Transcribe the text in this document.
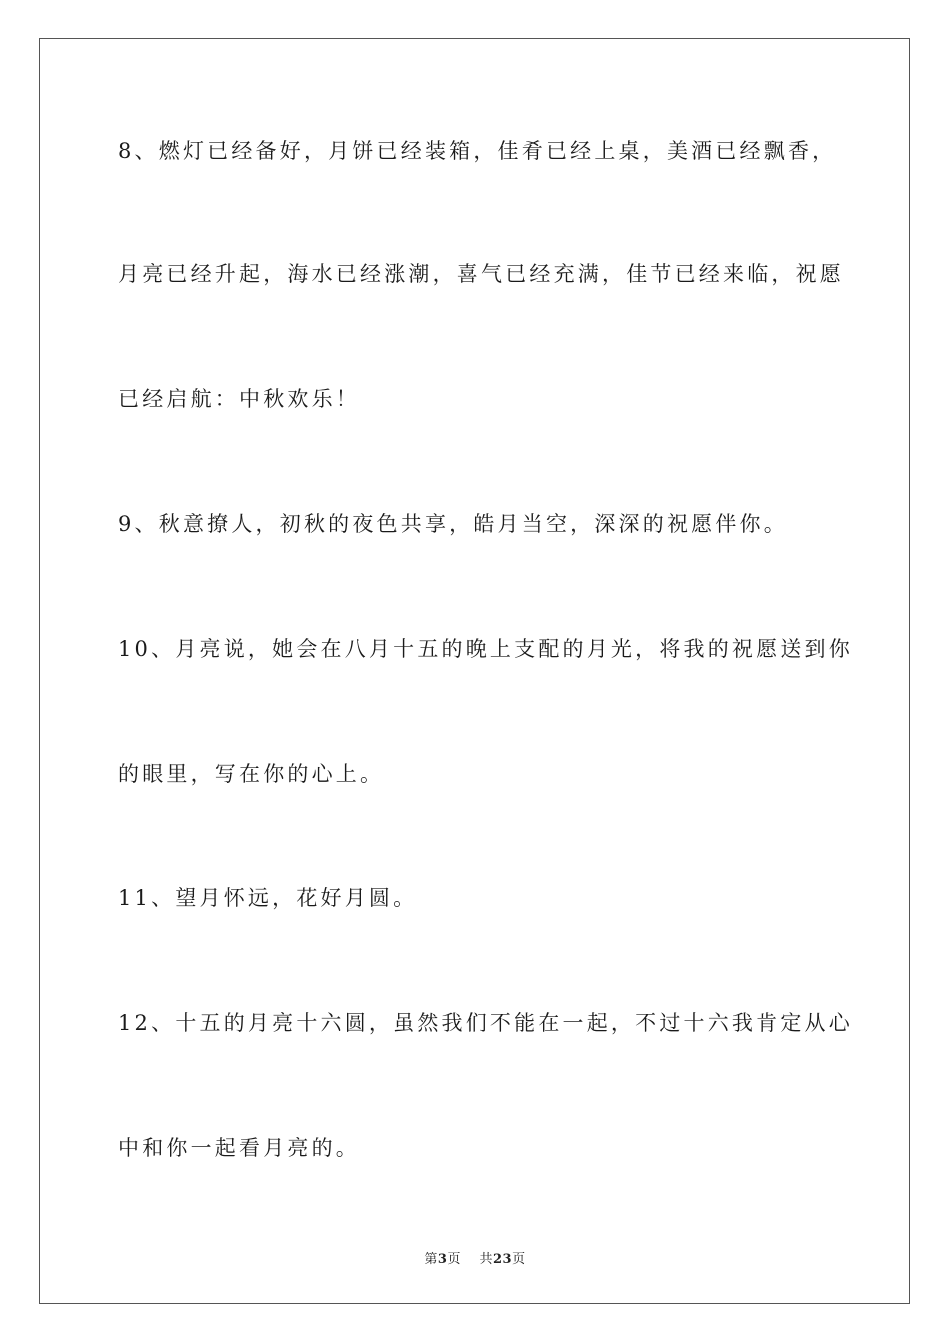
8、燃灯已经备好，月饼已经装箱，佳肴已经上桌，美酒已经飘香，
月亮已经升起，海水已经涨潮，喜气已经充满，佳节已经来临，祝愿
已经启航：中秋欢乐！
9、秋意撩人，初秋的夜色共享，皓月当空，深深的祝愿伴你。
10、月亮说，她会在八月十五的晚上支配的月光，将我的祝愿送到你
的眼里，写在你的心上。
11、望月怀远，花好月圆。
12、十五的月亮十六圆，虽然我们不能在一起，不过十六我肯定从心
中和你一起看月亮的。
第3页 共23页
